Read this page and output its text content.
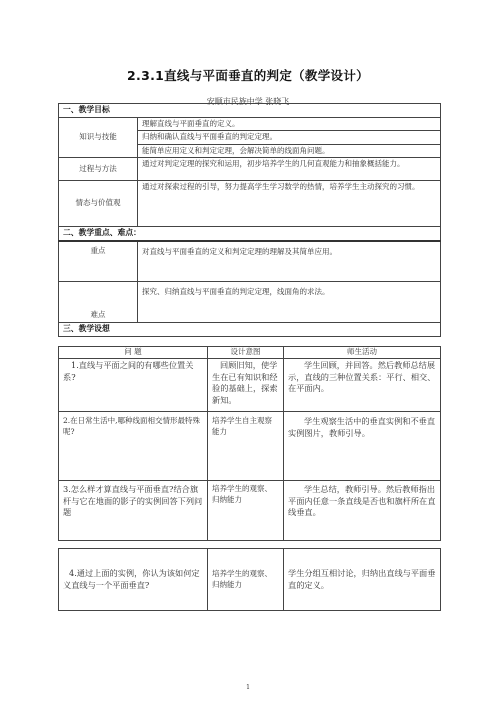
2.3.1直线与平面垂直的判定（教学设计）
安顺市民族中学 张晓飞
一、教学目标	
知识与技能	理解直线与平面垂直的定义。
	归纳和确认直线与平面垂直的判定定理。
	能简单应用定义和判定定理，会解决简单的线面角问题。
过程与方法	通过对判定定理的探究和运用，初步培养学生的几何直观能力和抽象概括能力。
情态与价值观	通过对探索过程的引导，努力提高学生学习数学的热情，培养学生主动探究的习惯。
二、教学重点、难点：	
重点	对直线与平面垂直的定义和判定定理的理解及其简单应用。
难点	探究、归纳直线与平面垂直的判定定理，线面角的求法。
三、教学设想	
问 题	设计意图	师生活动
1.直线与平面之间的有哪些位置关系?	回顾旧知，使学生在已有知识和经验的基础上，探索新知。	学生回顾，并回答。然后教师总结展示，直线的三种位置关系：平行、相交、在平面内。
2.在日常生活中,哪种线面相交情形最特殊呢?	培养学生自主观察能力	学生观察生活中的垂直实例和不垂直实例图片，教师引导。
3.怎么样才算直线与平面垂直?结合旗杆与它在地面的影子的实例回答下列问题	培养学生的观察、归纳能力	学生总结，教师引导。然后教师指出平面内任意一条直线是否也和旗杆所在直线垂直。
4.通过上面的实例，你认为该如何定义直线与一个平面垂直?	培养学生的观察、归纳能力	学生分组互相讨论，归纳出直线与平面垂直的定义。
1
